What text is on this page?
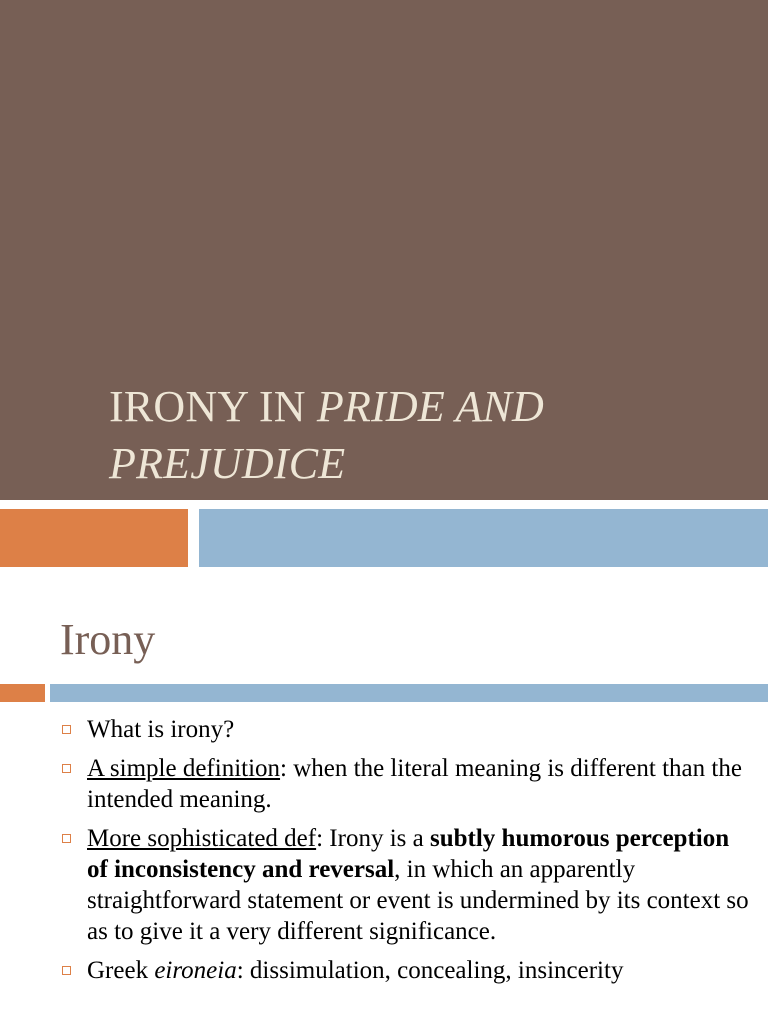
IRONY IN PRIDE AND
PREJUDICE
Irony
What is irony?
A simple definition: when the literal meaning is different than the intended meaning.
More sophisticated def: Irony is a subtly humorous perception of inconsistency and reversal, in which an apparently straightforward statement or event is undermined by its context so as to give it a very different significance.
Greek eironeia: dissimulation, concealing, insincerity
